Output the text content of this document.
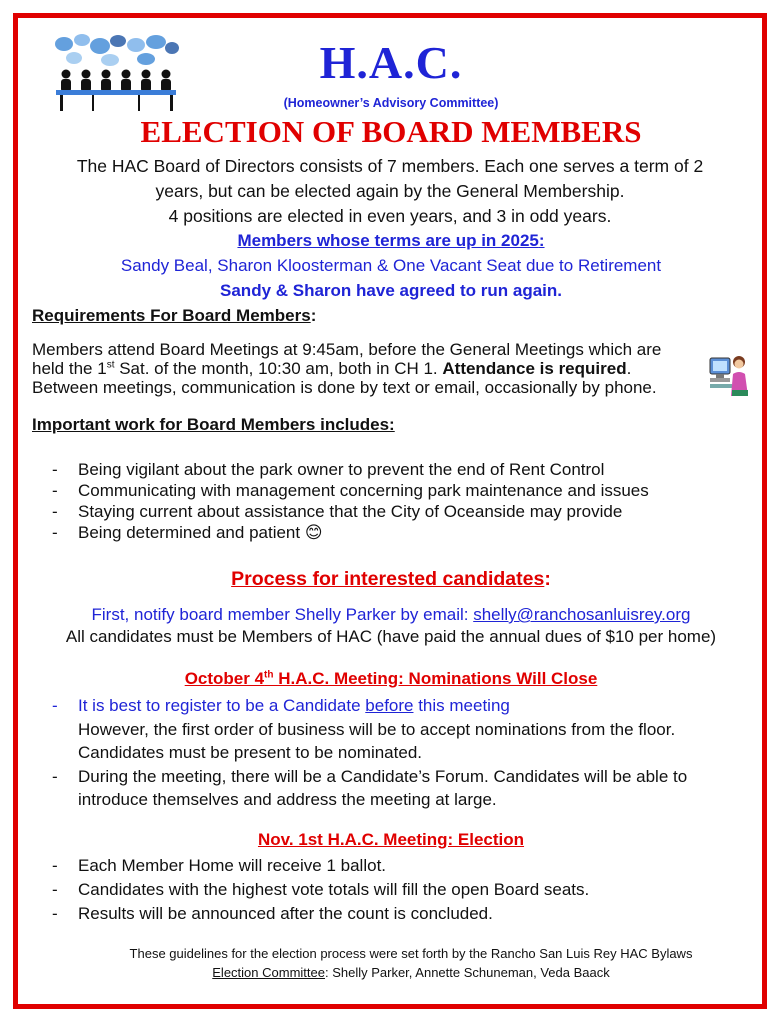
H.A.C.
(Homeowner’s Advisory Committee)
ELECTION OF BOARD MEMBERS
The HAC Board of Directors consists of 7 members. Each one serves a term of 2
years, but can be elected again by the General Membership.
4 positions are elected in even years, and 3 in odd years.
Members whose terms are up in 2025:
Sandy Beal, Sharon Kloosterman & One Vacant Seat due to Retirement
Sandy & Sharon have agreed to run again.
Requirements For Board Members:
Members attend Board Meetings at 9:45am, before the General Meetings which are
held the 1st Sat. of the month, 10:30 am, both in CH 1. Attendance is required.
Between meetings, communication is done by text or email, occasionally by phone.
Important work for Board Members includes:
- Being vigilant about the park owner to prevent the end of Rent Control
- Communicating with management concerning park maintenance and issues
- Staying current about assistance that the City of Oceanside may provide
- Being determined and patient 😊
Process for interested candidates:
First, notify board member Shelly Parker by email: shelly@ranchosanluisrey.org
All candidates must be Members of HAC (have paid the annual dues of $10 per home)
October 4th H.A.C. Meeting: Nominations Will Close
- It is best to register to be a Candidate before this meeting
However, the first order of business will be to accept nominations from the floor.
Candidates must be present to be nominated.
- During the meeting, there will be a Candidate’s Forum. Candidates will be able to introduce themselves and address the meeting at large.
Nov. 1st H.A.C. Meeting: Election
- Each Member Home will receive 1 ballot.
- Candidates with the highest vote totals will fill the open Board seats.
- Results will be announced after the count is concluded.
These guidelines for the election process were set forth by the Rancho San Luis Rey HAC Bylaws
Election Committee: Shelly Parker, Annette Schuneman, Veda Baack
